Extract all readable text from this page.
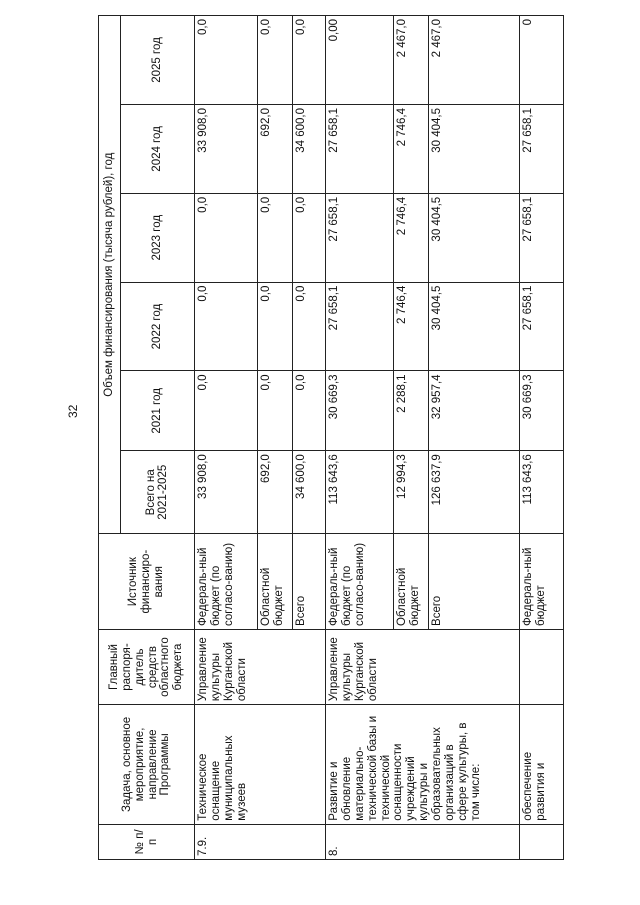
32
№ п/п	Задача, основное мероприятие, направление Программы	Главный распоря-дитель средств областного бюджета	Источник финансиро-вания	Объем финансирования (тысяча рублей), год					
				Всего на 2021-2025	2021 год	2022 год	2023 год	2024 год	2025 год
7.9.	Техническое оснащение муниципальных музеев	Управление культуры Курганской области	Федераль-ный бюджет (по согласо-ванию)	33 908,0	0,0	0,0	0,0	33 908,0	0,0
			Областной бюджет	692,0	0,0	0,0	0,0	692,0	0,0
			Всего	34 600,0	0,0	0,0	0,0	34 600,0	0,0
8.	Развитие и обновление материально-технической базы и технической оснащенности учреждений культуры и образовательных организаций в сфере культуры, в том числе:	Управление культуры Курганской области	Федераль-ный бюджет (по согласо-ванию)	113 643,6	30 669,3	27 658,1	27 658,1	27 658,1	0,00
			Областной бюджет	12 994,3	2 288,1	2 746,4	2 746,4	2 746,4	2 467,0
			Всего	126 637,9	32 957,4	30 404,5	30 404,5	30 404,5	2 467,0
	обеспечение развития и		Федераль-ный бюджет	113 643,6	30 669,3	27 658,1	27 658,1	27 658,1	0
